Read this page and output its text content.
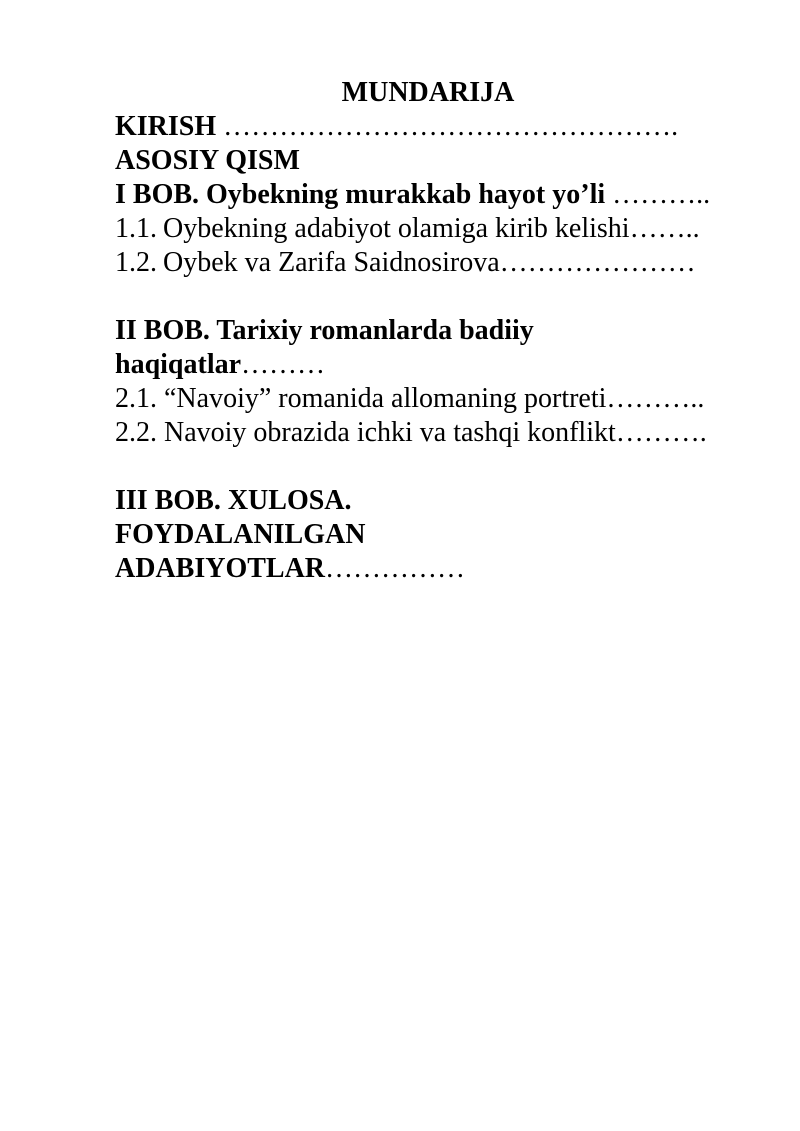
MUNDARIJA
KIRISH ………………………………………….
ASOSIY QISM
I BOB. Oybekning murakkab hayot yo’li ………..
1.1. Oybekning adabiyot olamiga kirib kelishi……..
1.2. Oybek va Zarifa Saidnosirova…………………
II BOB. Tarixiy romanlarda badiiy
haqiqatlar………
2.1. “Navoiy” romanida allomaning portreti………..
2.2. Navoiy obrazida ichki va tashqi konflikt……….
III BOB. XULOSA.
FOYDALANILGAN
ADABIYOTLAR……………
